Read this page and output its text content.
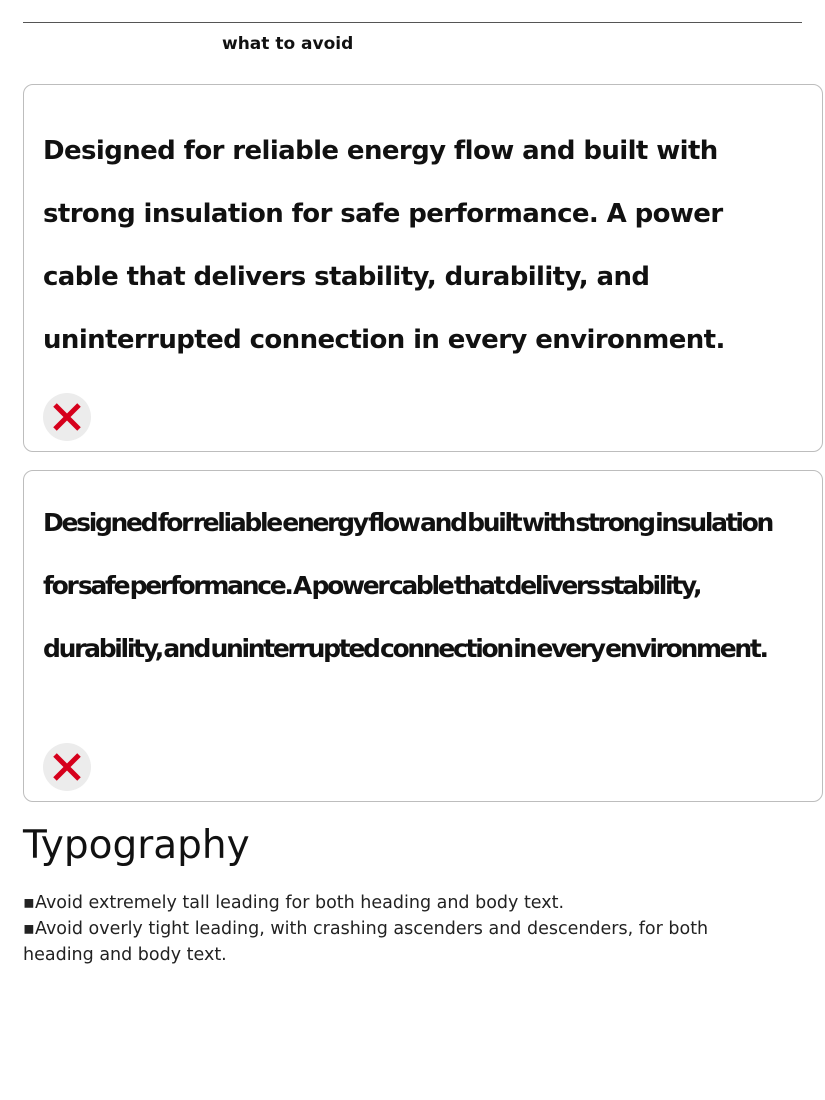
what to avoid

Designed for reliable energy flow and built with strong insulation for safe performance. A power cable that delivers stability, durability, and uninterrupted connection in every environment.

Designed for reliable energy flow and built with strong insulation for safe performance. A power cable that delivers stability, durability, and uninterrupted connection in every environment.

Typography
▪Avoid extremely tall leading for both heading and body text.
▪Avoid overly tight leading, with crashing ascenders and descenders, for both heading and body text.
